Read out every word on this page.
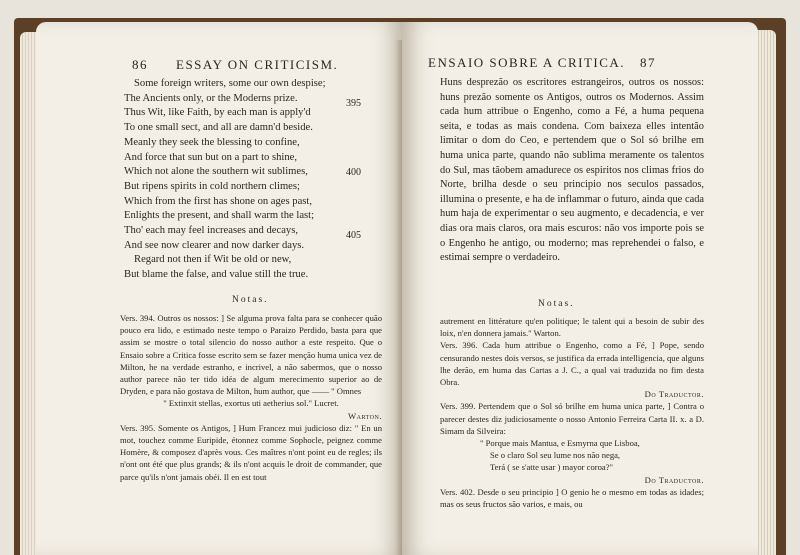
86 ESSAY ON CRITICISM.
Some foreign writers, some our own despise;
The Ancients only, or the Moderns prize.
Thus Wit, like Faith, by each man is apply'd
To one small sect, and all are damn'd beside.
Meanly they seek the blessing to confine,
And force that sun but on a part to shine,
Which not alone the southern wit sublimes,
But ripens spirits in cold northern climes;
Which from the first has shone on ages past,
Enlights the present, and shall warm the last;
Tho' each may feel increases and decays,
And see now clearer and now darker days.
Regard not then if Wit be old or new,
But blame the false, and value still the true.
395
400
405
Notas.

Vers. 394. Outros os nossos: ] Se alguma prova falta para se conhecer quão pouco era lido, e estimado neste tempo o Paraizo Perdido, basta para que assim se mostre o total silencio do nosso author a este respeito. Que o Ensaio sobre a Critica fosse escrito sem se fazer menção huma unica vez de Milton, he na verdade estranho, e incrivel, a não sabermos, que o nosso author parece não ter tido idéa de algum merecimento superior ao de Dryden, e para não gostava de Milton, hum author, que —— " Omnes

" Extinxit stellas, exortus uti aetherius sol." Lucret.

Warton.

Vers. 395. Somente os Antigos, ] Hum Francez mui judicioso diz: " En un mot, touchez comme Euripide, étonnez comme Sophocle, peignez comme Homère, & composez d'après vous. Ces maîtres n'ont point eu de regles; ils n'ont ont été que plus grands; & ils n'ont acquis le droit de commander, que parce qu'ils n'ont jamais obéi. Il en est tout

ENSAIO SOBRE A CRITICA. 87
Huns desprezão os escritores estrangeiros, outros os nossos: huns prezão somente os Antigos, outros os Modernos. Assim cada hum attribue o Engenho, como a Fé, a huma pequena seita, e todas as mais condena. Com baixeza elles intentão limitar o dom do Ceo, e pertendem que o Sol só brilhe em huma unica parte, quando não sublima meramente os talentos do Sul, mas tãobem amadurece os espiritos nos climas frios do Norte, brilha desde o seu principio nos seculos passados, illumina o presente, e ha de inflammar o futuro, ainda que cada hum haja de experimentar o seu augmento, e decadencia, e ver dias ora mais claros, ora mais escuros: não vos importe pois se o Engenho he antigo, ou moderno; mas reprehendei o falso, e estimai sempre o verdadeiro.
Notas.

autrement en littérature qu'en politique; le talent qui a besoin de subir des loix, n'en donnera jamais." Warton.

Vers. 396. Cada hum attribue o Engenho, como a Fé, ] Pope, sendo censurando nestes dois versos, se justifica da errada intelligencia, que alguns lhe derão, em huma das Cartas a J. C., a qual vai traduzida no fim desta Obra.

Do Traductor.

Vers. 399. Pertendem que o Sol só brilhe em huma unica parte, ] Contra o parecer destes diz judiciosamente o nosso Antonio Ferreira Carta II. x. a D. Simam da Silveira:

" Porque mais Mantua, e Esmyrna que Lisboa,

Se o claro Sol seu lume nos não nega,

Terá ( se s'atte usar ) mayor coroa?"

Do Traductor.

Vers. 402. Desde o seu principio ] O genio he o mesmo em todas as idades; mas os seus fructos são varios, e mais, ou
